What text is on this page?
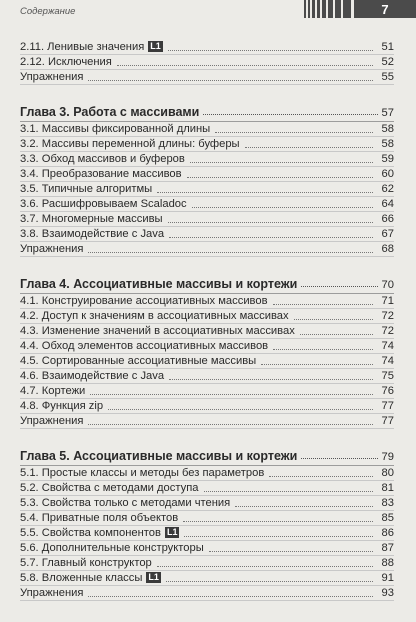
Содержание	7
2.11. Ленивые значения L1	51
2.12. Исключения	52
Упражнения	55
Глава 3. Работа с массивами	57
3.1. Массивы фиксированной длины	58
3.2. Массивы переменной длины: буферы	58
3.3. Обход массивов и буферов	59
3.4. Преобразование массивов	60
3.5. Типичные алгоритмы	62
3.6. Расшифровываем Scaladoc	64
3.7. Многомерные массивы	66
3.8. Взаимодействие с Java	67
Упражнения	68
Глава 4. Ассоциативные массивы и кортежи	70
4.1. Конструирование ассоциативных массивов	71
4.2. Доступ к значениям в ассоциативных массивах	72
4.3. Изменение значений в ассоциативных массивах	72
4.4. Обход элементов ассоциативных массивов	74
4.5. Сортированные ассоциативные массивы	74
4.6. Взаимодействие с Java	75
4.7. Кортежи	76
4.8. Функция zip	77
Упражнения	77
Глава 5. Ассоциативные массивы и кортежи	79
5.1. Простые классы и методы без параметров	80
5.2. Свойства с методами доступа	81
5.3. Свойства только с методами чтения	83
5.4. Приватные поля объектов	85
5.5. Свойства компонентов L1	86
5.6. Дополнительные конструкторы	87
5.7. Главный конструктор	88
5.8. Вложенные классы L1	91
Упражнения	93
